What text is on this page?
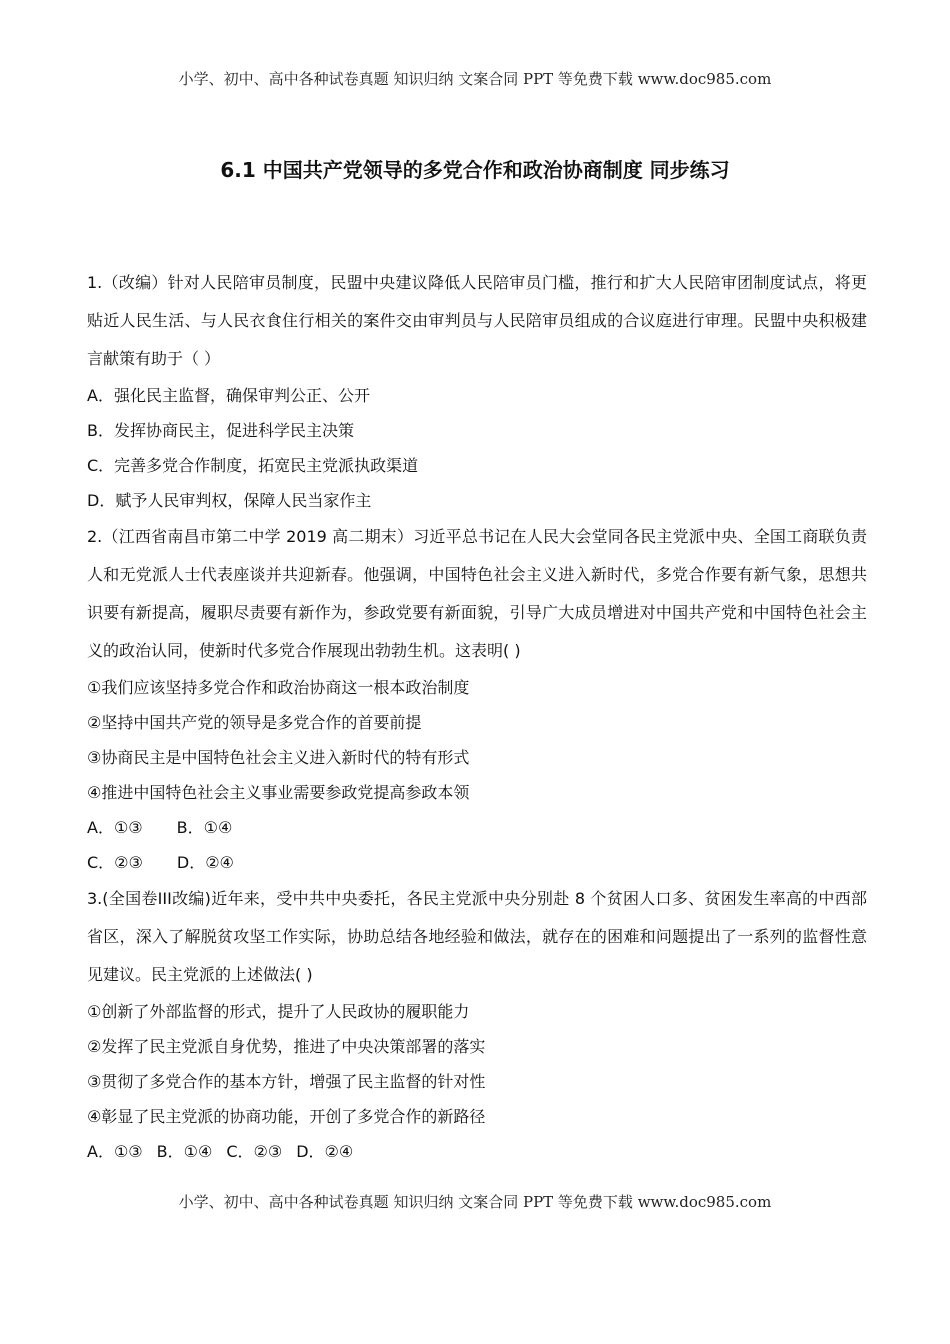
小学、初中、高中各种试卷真题 知识归纳 文案合同 PPT 等免费下载 www.doc985.com
6.1 中国共产党领导的多党合作和政治协商制度 同步练习

1.（改编）针对人民陪审员制度，民盟中央建议降低人民陪审员门槛，推行和扩大人民陪审团制度试点，将更贴近人民生活、与人民衣食住行相关的案件交由审判员与人民陪审员组成的合议庭进行审理。民盟中央积极建言献策有助于（ ）

A．强化民主监督，确保审判公正、公开

B．发挥协商民主，促进科学民主决策

C．完善多党合作制度，拓宽民主党派执政渠道

D．赋予人民审判权，保障人民当家作主

2.（江西省南昌市第二中学 2019 高二期末）习近平总书记在人民大会堂同各民主党派中央、全国工商联负责人和无党派人士代表座谈并共迎新春。他强调，中国特色社会主义进入新时代，多党合作要有新气象，思想共识要有新提高，履职尽责要有新作为，参政党要有新面貌，引导广大成员增进对中国共产党和中国特色社会主义的政治认同，使新时代多党合作展现出勃勃生机。这表明( )

①我们应该坚持多党合作和政治协商这一根本政治制度

②坚持中国共产党的领导是多党合作的首要前提

③协商民主是中国特色社会主义进入新时代的特有形式

④推进中国特色社会主义事业需要参政党提高参政本领

A．①③ B．①④

C．②③ D．②④

3.(全国卷III改编)近年来，受中共中央委托，各民主党派中央分别赴 8 个贫困人口多、贫困发生率高的中西部省区，深入了解脱贫攻坚工作实际，协助总结各地经验和做法，就存在的困难和问题提出了一系列的监督性意见建议。民主党派的上述做法( )

①创新了外部监督的形式，提升了人民政协的履职能力

②发挥了民主党派自身优势，推进了中央决策部署的落实

③贯彻了多党合作的基本方针，增强了民主监督的针对性

④彰显了民主党派的协商功能，开创了多党合作的新路径

A．①③ B．①④ C．②③ D．②④

小学、初中、高中各种试卷真题 知识归纳 文案合同 PPT 等免费下载 www.doc985.com
